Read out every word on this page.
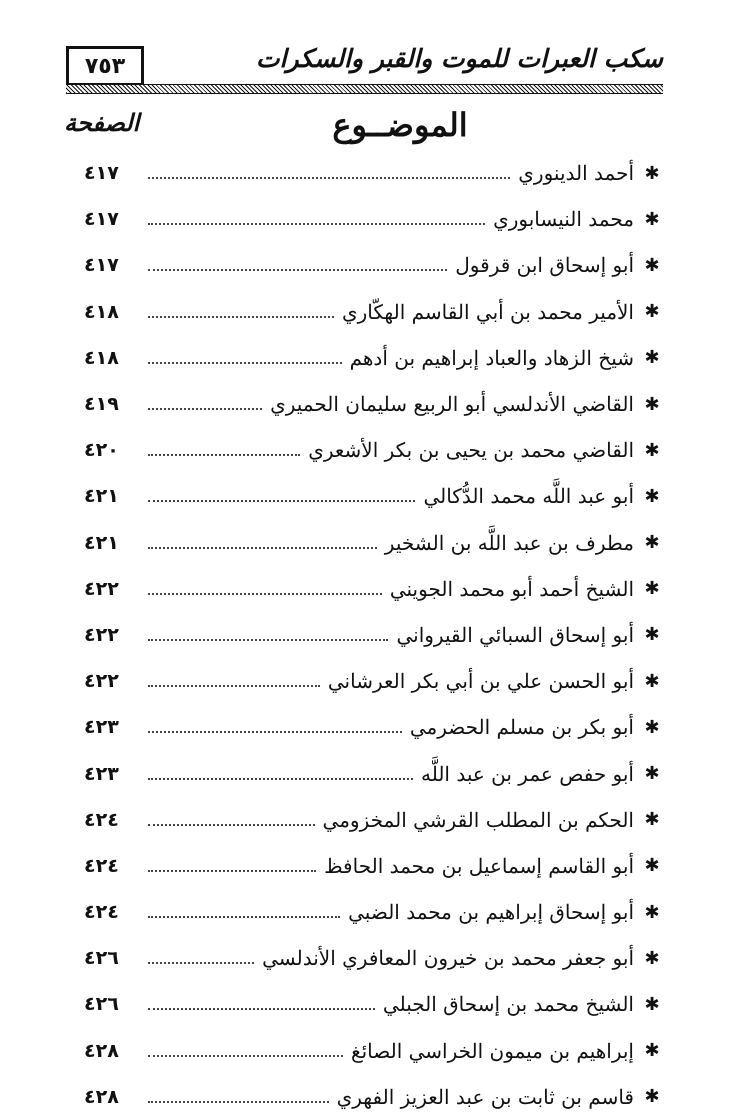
٧٥٣	سكب العبرات للموت والقبر والسكرات
الموضــوع
الصفحة
✱
أحمد الدينوري
٤١٧
✱
محمد النيسابوري
٤١٧
✱
أبو إسحاق ابن قرقول
٤١٧
✱
الأمير محمد بن أبي القاسم الهكّاري
٤١٨
✱
شيخ الزهاد والعباد إبراهيم بن أدهم
٤١٨
✱
القاضي الأندلسي أبو الربيع سليمان الحميري
٤١٩
✱
القاضي محمد بن يحيى بن بكر الأشعري
٤٢٠
✱
أبو عبد اللَّه محمد الدُّكالي
٤٢١
✱
مطرف بن عبد اللَّه بن الشخير
٤٢١
✱
الشيخ أحمد أبو محمد الجويني
٤٢٢
✱
أبو إسحاق السبائي القيرواني
٤٢٢
✱
أبو الحسن علي بن أبي بكر العرشاني
٤٢٢
✱
أبو بكر بن مسلم الحضرمي
٤٢٣
✱
أبو حفص عمر بن عبد اللَّه
٤٢٣
✱
الحكم بن المطلب القرشي المخزومي
٤٢٤
✱
أبو القاسم إسماعيل بن محمد الحافظ
٤٢٤
✱
أبو إسحاق إبراهيم بن محمد الضبي
٤٢٤
✱
أبو جعفر محمد بن خيرون المعافري الأندلسي
٤٢٦
✱
الشيخ محمد بن إسحاق الجبلي
٤٢٦
✱
إبراهيم بن ميمون الخراسي الصائغ
٤٢٨
✱
قاسم بن ثابت بن عبد العزيز الفهري
٤٢٨
